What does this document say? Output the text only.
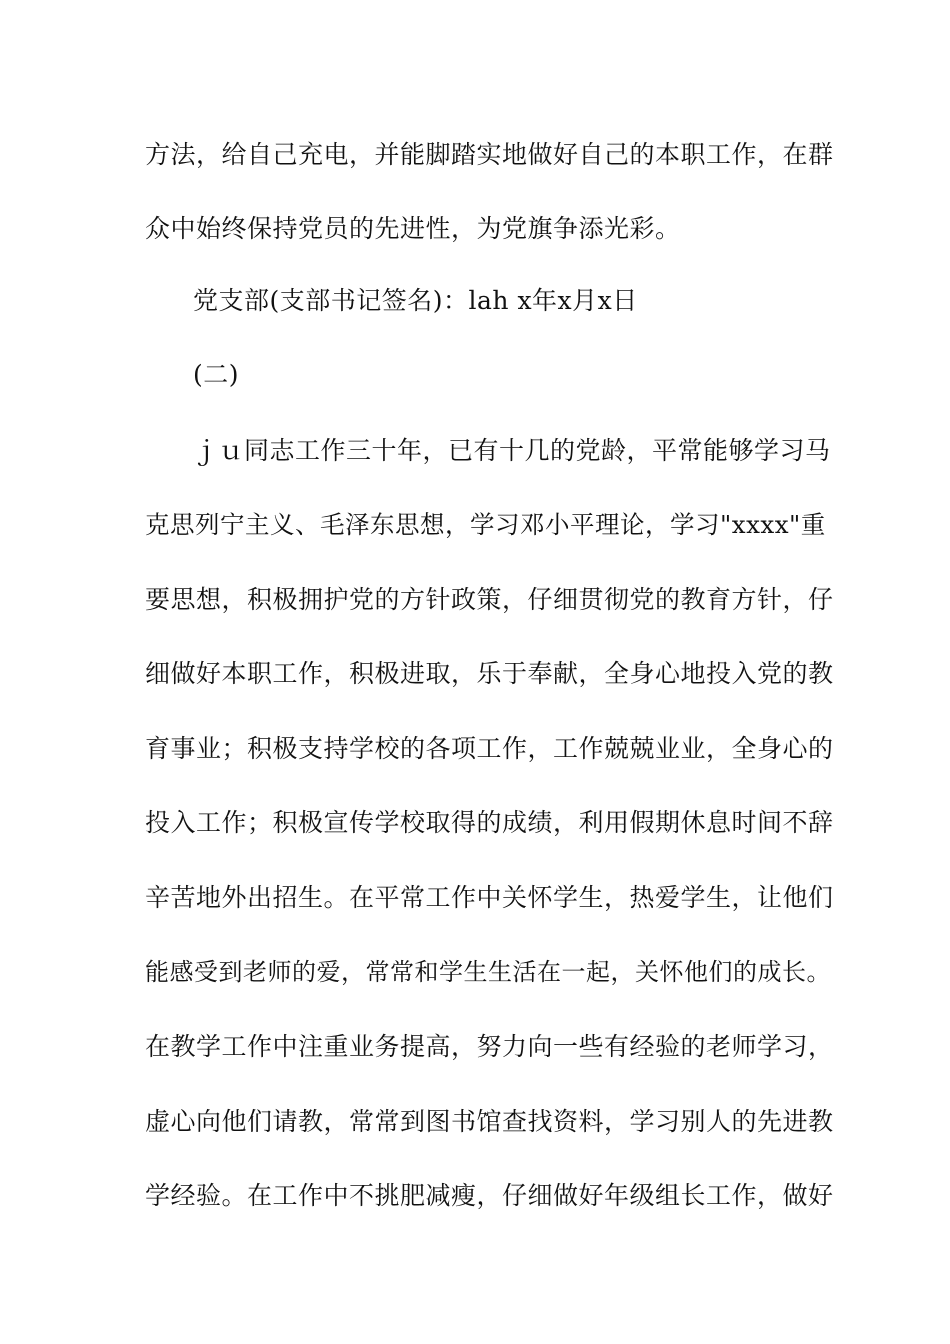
方法，给自己充电，并能脚踏实地做好自己的本职工作，在群
众中始终保持党员的先进性，为党旗争添光彩。
党支部(支部书记签名)：lah x年x月x日
(二)
ｊｕ同志工作三十年，已有十几的党龄，平常能够学习马
克思列宁主义、毛泽东思想，学习邓小平理论，学习"xxxx"重
要思想，积极拥护党的方针政策，仔细贯彻党的教育方针，仔
细做好本职工作，积极进取，乐于奉献，全身心地投入党的教
育事业；积极支持学校的各项工作，工作兢兢业业，全身心的
投入工作；积极宣传学校取得的成绩，利用假期休息时间不辞
辛苦地外出招生。在平常工作中关怀学生，热爱学生，让他们
能感受到老师的爱，常常和学生生活在一起，关怀他们的成长。
在教学工作中注重业务提高，努力向一些有经验的老师学习，
虚心向他们请教，常常到图书馆查找资料，学习别人的先进教
学经验。在工作中不挑肥减瘦，仔细做好年级组长工作，做好
